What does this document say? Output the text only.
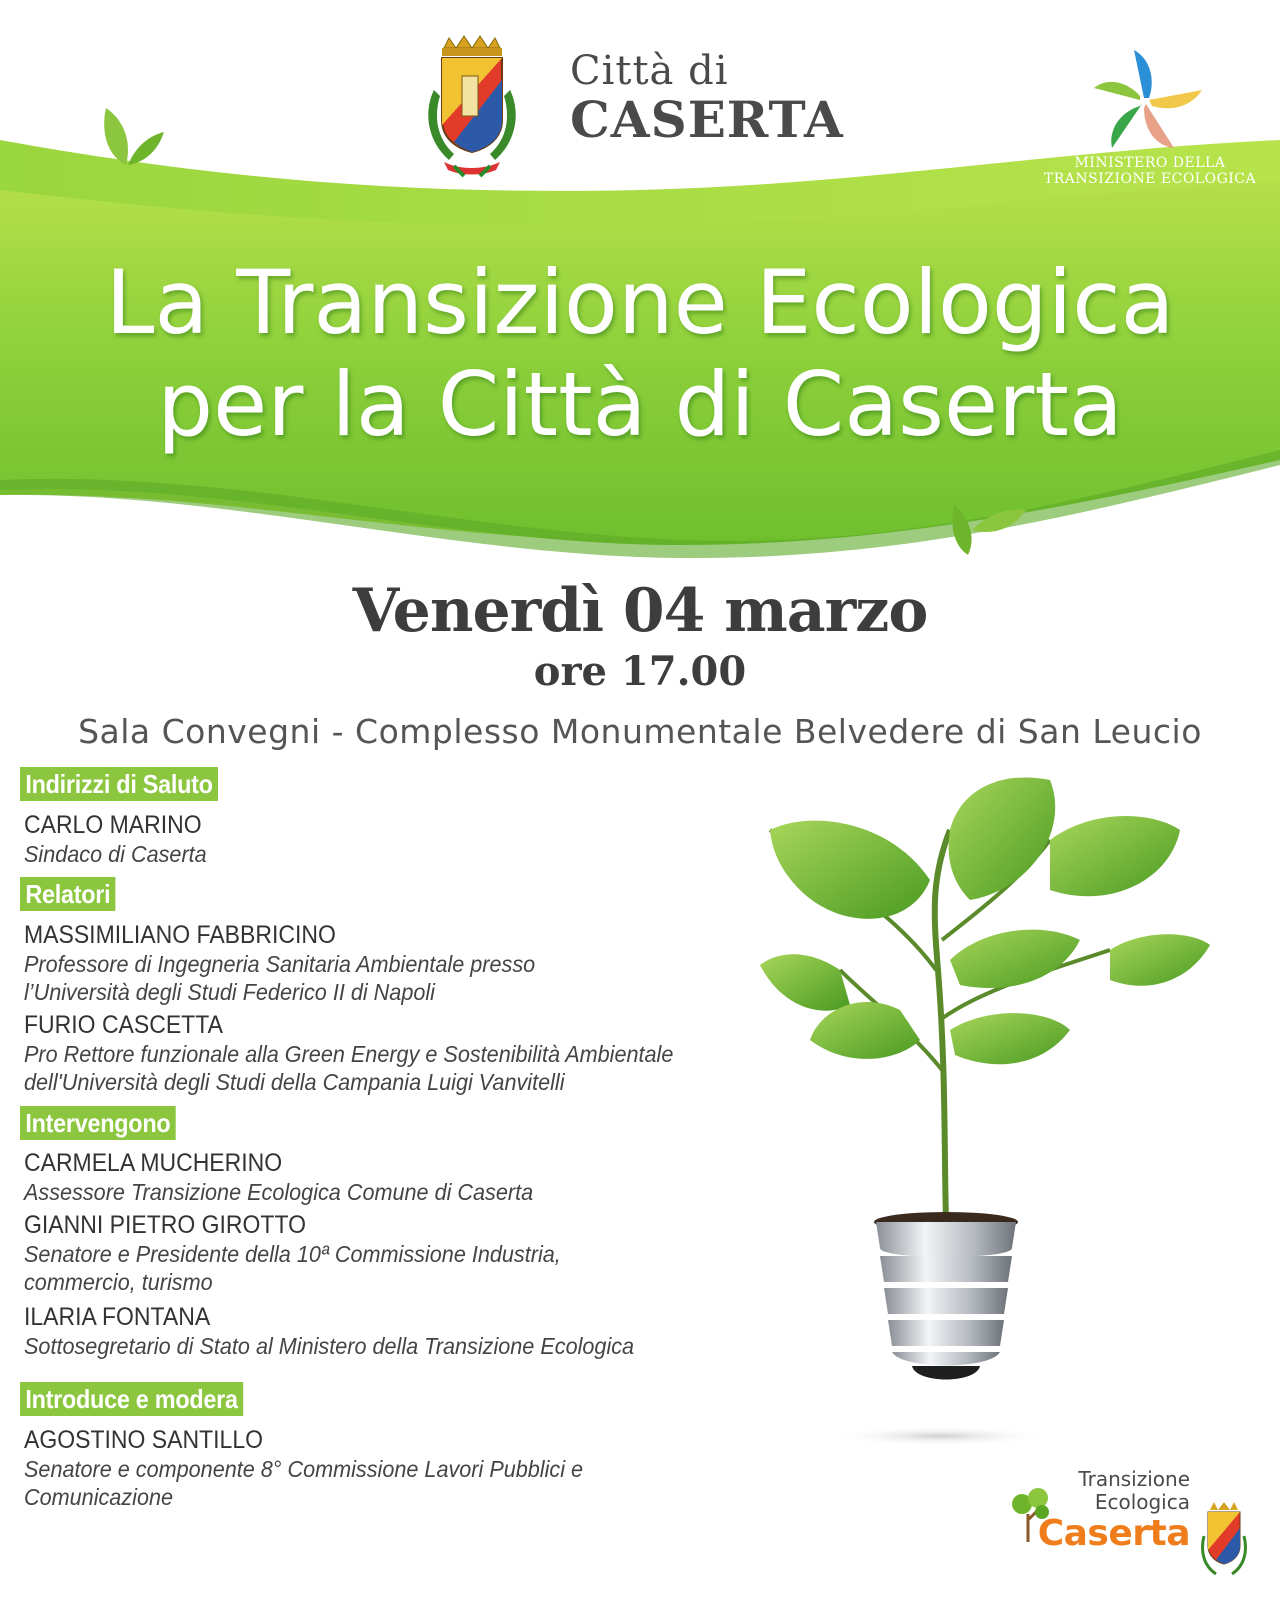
Città di
CASERTA
MINISTERO DELLA
TRANSIZIONE ECOLOGICA
La Transizione Ecologica
per la Città di Caserta
Venerdì 04 marzo
ore 17.00
Sala Convegni - Complesso Monumentale Belvedere di San Leucio
Indirizzi di Saluto
CARLO MARINO
Sindaco di Caserta
Relatori
MASSIMILIANO FABBRICINO
Professore di Ingegneria Sanitaria Ambientale presso
l’Università degli Studi Federico II di Napoli
FURIO CASCETTA
Pro Rettore funzionale alla Green Energy e Sostenibilità Ambientale
dell'Università degli Studi della Campania Luigi Vanvitelli
Intervengono
CARMELA MUCHERINO
Assessore Transizione Ecologica Comune di Caserta
GIANNI PIETRO GIROTTO
Senatore e Presidente della 10ª Commissione Industria,
commercio, turismo
ILARIA FONTANA
Sottosegretario di Stato al Ministero della Transizione Ecologica
Introduce e modera
AGOSTINO SANTILLO
Senatore e componente 8° Commissione Lavori Pubblici e
Comunicazione
Transizione
Ecologica
Caserta
